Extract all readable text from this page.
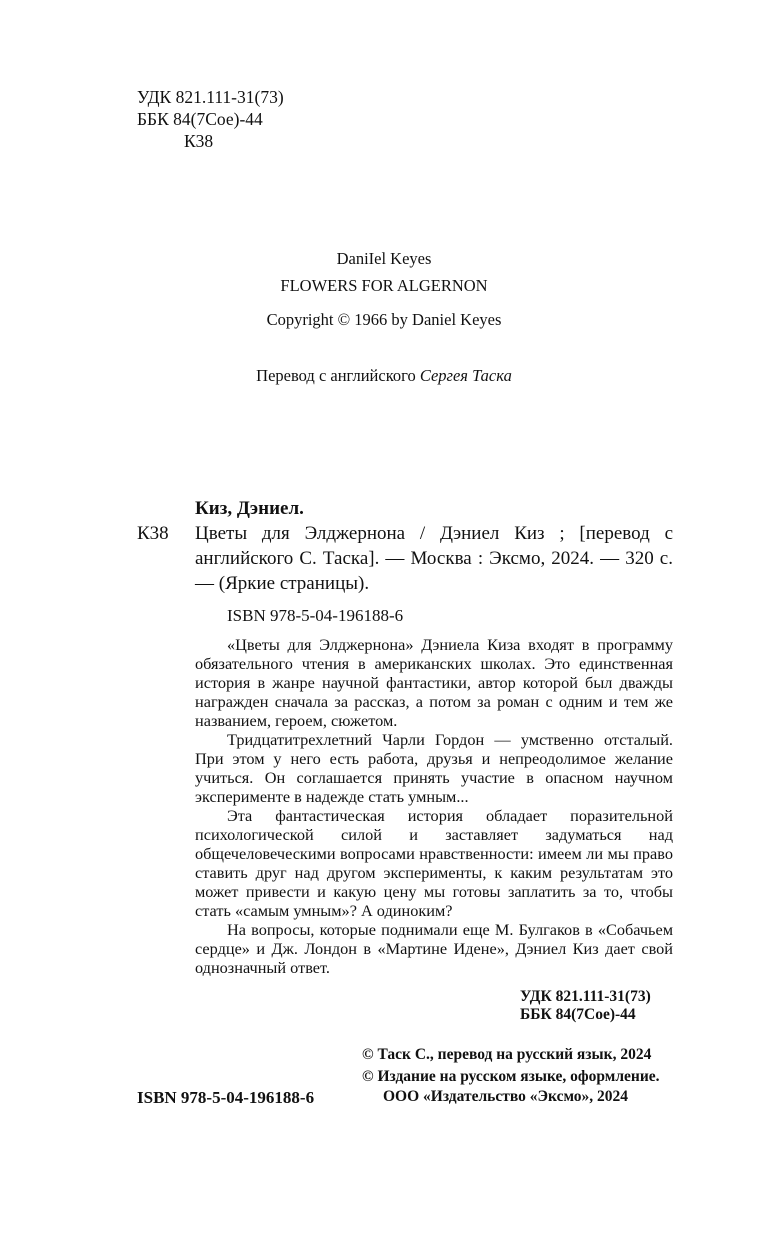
УДК 821.111-31(73)
ББК 84(7Сое)-44
К38
DaniIel Keyes
FLOWERS FOR ALGERNON
Copyright © 1966 by Daniel Keyes
Перевод с английского Сергея Таска
Киз, Дэниел.
К38 Цветы для Элджернона / Дэниел Киз ; [перевод с английского С. Таска]. — Москва : Эксмо, 2024. — 320 с. — (Яркие страницы).
ISBN 978-5-04-196188-6

«Цветы для Элджернона» Дэниела Киза входят в программу обязательного чтения в американских школах. Это единственная история в жанре научной фантастики, автор которой был дважды награжден сначала за рассказ, а потом за роман с одним и тем же названием, героем, сюжетом.

Тридцатитрехлетний Чарли Гордон — умственно отсталый. При этом у него есть работа, друзья и непреодолимое желание учиться. Он соглашается принять участие в опасном научном эксперименте в надежде стать умным...

Эта фантастическая история обладает поразительной психологической силой и заставляет задуматься над общечеловеческими вопросами нравственности: имеем ли мы право ставить друг над другом эксперименты, к каким результатам это может привести и какую цену мы готовы заплатить за то, чтобы стать «самым умным»? А одиноким?

На вопросы, которые поднимали еще М. Булгаков в «Собачьем сердце» и Дж. Лондон в «Мартине Идене», Дэниел Киз дает свой однозначный ответ.

УДК 821.111-31(73)
ББК 84(7Сое)-44
© Таск С., перевод на русский язык, 2024
© Издание на русском языке, оформление.
ООО «Издательство «Эксмо», 2024
ISBN 978-5-04-196188-6
